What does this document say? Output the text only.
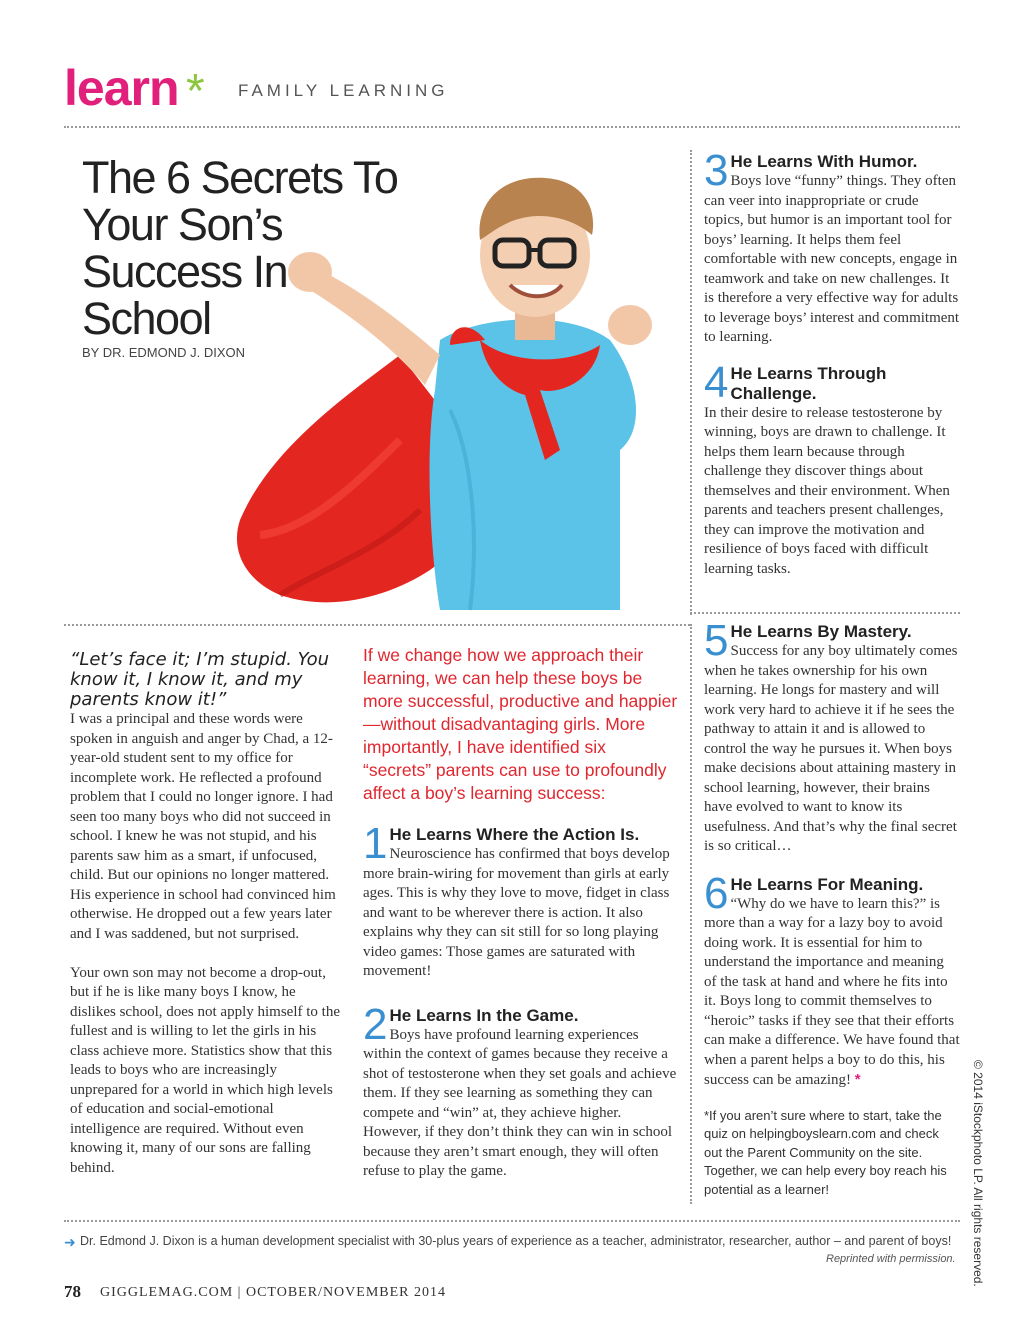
learn * FAMILY LEARNING
The 6 Secrets To Your Son’s Success In School
BY DR. EDMOND J. DIXON
“Let’s face it; I’m stupid. You know it, I know it, and my parents know it!”
I was a principal and these words were spoken in anguish and anger by Chad, a 12-year-old student sent to my office for incomplete work. He reflected a profound problem that I could no longer ignore. I had seen too many boys who did not succeed in school. I knew he was not stupid, and his parents saw him as a smart, if unfocused, child. But our opinions no longer mattered. His experience in school had convinced him otherwise. He dropped out a few years later and I was saddened, but not surprised.
Your own son may not become a drop-out, but if he is like many boys I know, he dislikes school, does not apply himself to the fullest and is willing to let the girls in his class achieve more. Statistics show that this leads to boys who are increasingly unprepared for a world in which high levels of education and social-emotional intelligence are required. Without even knowing it, many of our sons are falling behind.
If we change how we approach their learning, we can help these boys be more successful, productive and happier—without disadvantaging girls. More importantly, I have identified six “secrets” parents can use to profoundly affect a boy’s learning success:
1 He Learns Where the Action Is.
Neuroscience has confirmed that boys develop more brain-wiring for movement than girls at early ages. This is why they love to move, fidget in class and want to be wherever there is action. It also explains why they can sit still for so long playing video games: Those games are saturated with movement!
2 He Learns In the Game.
Boys have profound learning experiences within the context of games because they receive a shot of testosterone when they set goals and achieve them. If they see learning as something they can compete and “win” at, they achieve higher. However, if they don’t think they can win in school because they aren’t smart enough, they will often refuse to play the game.
3 He Learns With Humor.
Boys love “funny” things. They often can veer into inappropriate or crude topics, but humor is an important tool for boys’ learning. It helps them feel comfortable with new concepts, engage in teamwork and take on new challenges. It is therefore a very effective way for adults to leverage boys’ interest and commitment to learning.
4 He Learns Through Challenge.
In their desire to release testosterone by winning, boys are drawn to challenge. It helps them learn because through challenge they discover things about themselves and their environment. When parents and teachers present challenges, they can improve the motivation and resilience of boys faced with difficult learning tasks.
5 He Learns By Mastery.
Success for any boy ultimately comes when he takes ownership for his own learning. He longs for mastery and will work very hard to achieve it if he sees the pathway to attain it and is allowed to control the way he pursues it. When boys make decisions about attaining mastery in school learning, however, their brains have evolved to want to know its usefulness. And that’s why the final secret is so critical…
6 He Learns For Meaning.
“Why do we have to learn this?” is more than a way for a lazy boy to avoid doing work. It is essential for him to understand the importance and meaning of the task at hand and where he fits into it. Boys long to commit themselves to “heroic” tasks if they see that their efforts can make a difference. We have found that when a parent helps a boy to do this, his success can be amazing! *
*If you aren’t sure where to start, take the quiz on helpingboyslearn.com and check out the Parent Community on the site. Together, we can help every boy reach his potential as a learner!	© 2014 iStockphoto LP. All rights reserved.
➜ Dr. Edmond J. Dixon is a human development specialist with 30-plus years of experience as a teacher, administrator, researcher, author – and parent of boys!
Reprinted with permission.
78 GIGGLEMAG.COM | OCTOBER/NOVEMBER 2014
